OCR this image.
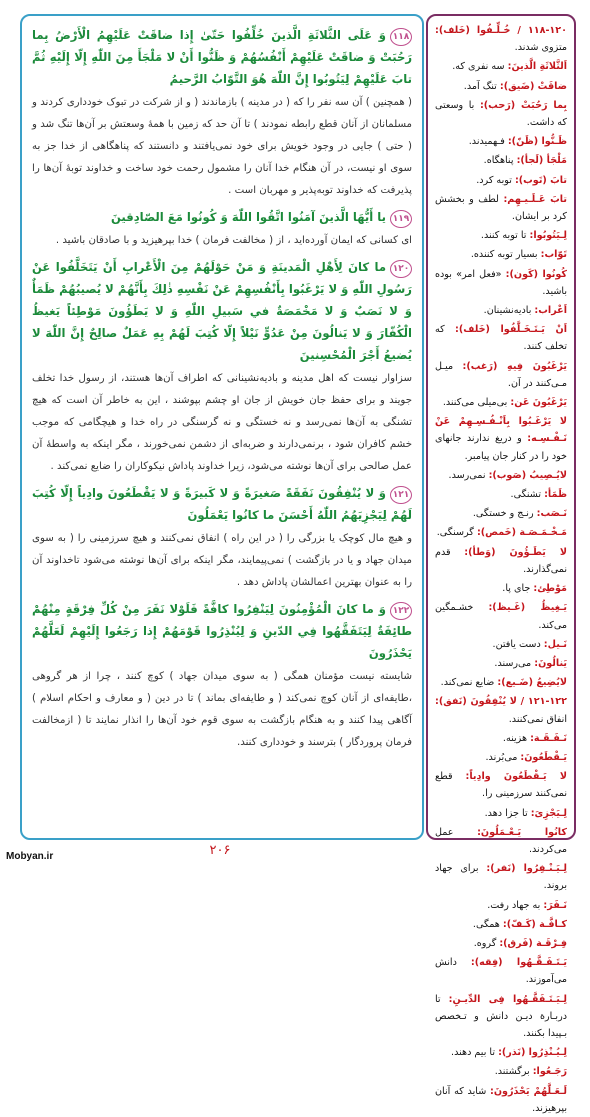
۱۱۸وَ عَلَى الثَّلاثَةِ الَّذينَ خُلِّفُوا حَتّىٰ إِذا ضاقَتْ عَلَيْهِمُ الْأَرْضُ بِما رَحُبَتْ وَ ضاقَتْ عَلَيْهِمْ أَنْفُسُهُمْ وَ ظَنُّوا أَنْ لا مَلْجَأَ مِنَ اللّٰهِ إِلّا إِلَيْهِ ثُمَّ تابَ عَلَيْهِمْ لِيَتُوبُوا إِنَّ اللّٰهَ هُوَ التَّوّابُ الرَّحيمُ

( همچنین ) آن سه نفر را که ( در مدینه ) بازماندند ( و از شرکت در تبوک خودداری کردند و مسلمانان از آنان قطع رابطه نمودند ) تا آن حد که زمین با همهٔ وسعتش بر آن‌ها تنگ شد و ( حتی ) جایی در وجود خویش برای خود نمی‌یافتند و دانستند که پناهگاهی از خدا جز به سوی او نیست، در آن هنگام خدا آنان را مشمول رحمت خود ساخت و خداوند توبهٔ آن‌ها را پذیرفت که خداوند توبه‌پذیر و مهربان است .

۱۱۹يا أَيُّهَا الَّذينَ آمَنُوا اتَّقُوا اللّٰهَ وَ كُونُوا مَعَ الصّادِقينَ

ای کسانی که ایمان آورده‌اید ، از ( مخالفت فرمان ) خدا بپرهیزید و با صادقان باشید .

۱۲۰ما كانَ لِأَهْلِ الْمَدينَةِ وَ مَنْ حَوْلَهُمْ مِنَ الْأَعْرابِ أَنْ يَتَخَلَّفُوا عَنْ رَسُولِ اللّٰهِ وَ لا يَرْغَبُوا بِأَنْفُسِهِمْ عَنْ نَفْسِهِ ذٰلِكَ بِأَنَّهُمْ لا يُصيبُهُمْ ظَمَأٌ وَ لا نَصَبٌ وَ لا مَخْمَصَةٌ في سَبيلِ اللّٰهِ وَ لا يَطَؤُونَ مَوْطِئاً يَغيظُ الْكُفّارَ وَ لا يَنالُونَ مِنْ عَدُوٍّ نَيْلاً إِلّا كُتِبَ لَهُمْ بِهِ عَمَلٌ صالِحٌ إِنَّ اللّٰهَ لا يُضيعُ أَجْرَ الْمُحْسِنينَ

سزاوار نیست که اهل مدینه و بادیه‌نشینانی که اطراف آن‌ها هستند، از رسول خدا تخلف جویند و برای حفظ جان خویش از جان او چشم بپوشند ، این به خاطر آن است که هیچ تشنگی به آن‌ها نمی‌رسد و نه خستگی و نه گرسنگی در راه خدا و هیچگامی که موجب خشم کافران شود ، برنمی‌دارند و ضربه‌ای از دشمن نمی‌خورند ، مگر اینکه به واسطهٔ آن عمل صالحی برای آن‌ها نوشته می‌شود، زیرا خداوند پاداش نیکوکاران را ضایع نمی‌کند .

۱۲۱وَ لا يُنْفِقُونَ نَفَقَةً صَغيرَةً وَ لا كَبيرَةً وَ لا يَقْطَعُونَ وادِياً إِلّا كُتِبَ لَهُمْ لِيَجْزِيَهُمُ اللّٰهُ أَحْسَنَ ما كانُوا يَعْمَلُونَ

و هیچ مال کوچک یا بزرگی را ( در این راه ) انفاق نمی‌کنند و هیچ سرزمینی را ( به سوی میدان جهاد و یا در بازگشت ) نمی‌پیمایند، مگر اینکه برای آن‌ها نوشته می‌شود تاخداوند آن را به عنوان بهترین اعمالشان پاداش دهد .

۱۲۲وَ ما كانَ الْمُؤْمِنُونَ لِيَنْفِرُوا كافَّةً فَلَوْلا نَفَرَ مِنْ كُلِّ فِرْقَةٍ مِنْهُمْ طائِفَةٌ لِيَتَفَقَّهُوا فِي الدّينِ وَ لِيُنْذِرُوا قَوْمَهُمْ إِذا رَجَعُوا إِلَيْهِمْ لَعَلَّهُمْ يَحْذَرُونَ

شایسته نیست مؤمنان همگی ( به سوی میدان جهاد ) کوچ کنند ، چرا از هر گروهی ،طایفه‌ای از آنان کوچ نمی‌کند ( و طایفه‌ای بماند ) تا در دین ( و معارف و احکام اسلام ) آگاهی پیدا کنند و به هنگام بازگشت به سوی قوم خود آن‌ها را انذار نمایند تا ( ازمخالفت فرمان پروردگار ) بترسند و خودداری کنند.

۱۱۸-۱۲۰ / خُـلِّـفُوا (خَلف): متزوی شدند.

اَلثَّلاثَةِ الَّذینَ: سه نفری که.

ضاقَتْ (ضَیق): تنگ آمد.

بِما رَحُبَتْ (رَحب): با وسعتی که داشت.

ظَـنُّوا (ظَنّ): فـهمیدند.

مَلْجَأ (لَجأ): پناهگاه.

تابَ (تَوب): توبه کرد.

تابَ عَـلَـیـهِم: لطف و بخشش کرد بر ایشان.

لِـیَتُوبُوا: تا توبه کنند.

تَوّاب: بسیار توبه کننده.

کُونُوا (کَون): «فعل امر» بوده باشید.

اَعْراب: بادیه‌نشینان.

اَنْ یَـتَـخَـلَّفُوا (خَلف): که تخلف کنند.

یَرْغَبُونَ فِیهِ (رَغب): میـل مـی‌کنند در آن.

یَرْغَبُونَ عَن: بی‌میلی می‌کنند.

لا یَرْغَـبُوا بِاَنْـفُـسِـهِمْ عَنْ نَـفْـسِـه: و دریغ ندارند جانهای خود را در کنار جان پیامبر.

لایُـصِیبُ (صَوب): نمی‌رسد.

ظَمَأ: تشنگی.

نَـصَب: رنـج و خستگی.

مَـخْـمَـصَـة (خَمص): گرسنگی.

لا یَطَـؤُونَ (وَطأ): قدم نمی‌گذارند.

مَوْطِئ: جای پا.

یَـغِیظُ (غَـیظ): خشـمگین می‌کند.

نَـیل: دست یافتن.

یَنالُونَ: می‌رسند.

لایُضِیعُ (ضَـیع): ضایع نمی‌کند.

۱۲۱-۱۲۲ / لا یُنْفِقُونَ (نَفق): انفاق نمی‌کنند.

نَـفَـقَـة: هزینه.

یَـقْطَعُونَ: می‌بُرند.

لا یَـقْطَعُونَ وادِیاً: قطع نمی‌کنند سرزمینی را.

لِـیَجْزِیَ: تا جزا دهد.

کانُوا یَـعْـمَلُونَ: عمل می‌کردند.

لِـیَـنْـفِرُوا (نَفر): برای جهاد بروند.

نَـفَرَ: به جهاد رفت.

کـافَّـة (کَـفّ): همگی.

فِـرْقَـة (فَرق): گروه.

یَـتَـفَـقَّـهُوا (فِقه): دانش می‌آموزند.

لِـیَـتَـفَقَّـهُوا فِی الدِّیـنِ: تا دربـارة دیـن دانش و تـخصص بـپیدا بکنند.

لِـیُـنْذِرُوا (نَذر): تا بیم دهند.

رَجَـعُوا: برگشتند.

لَـعَـلَّهُمْ یَحْذَرُونَ: شاید که آنان بپرهیزند.

۲۰۶
Mobyan.ir
